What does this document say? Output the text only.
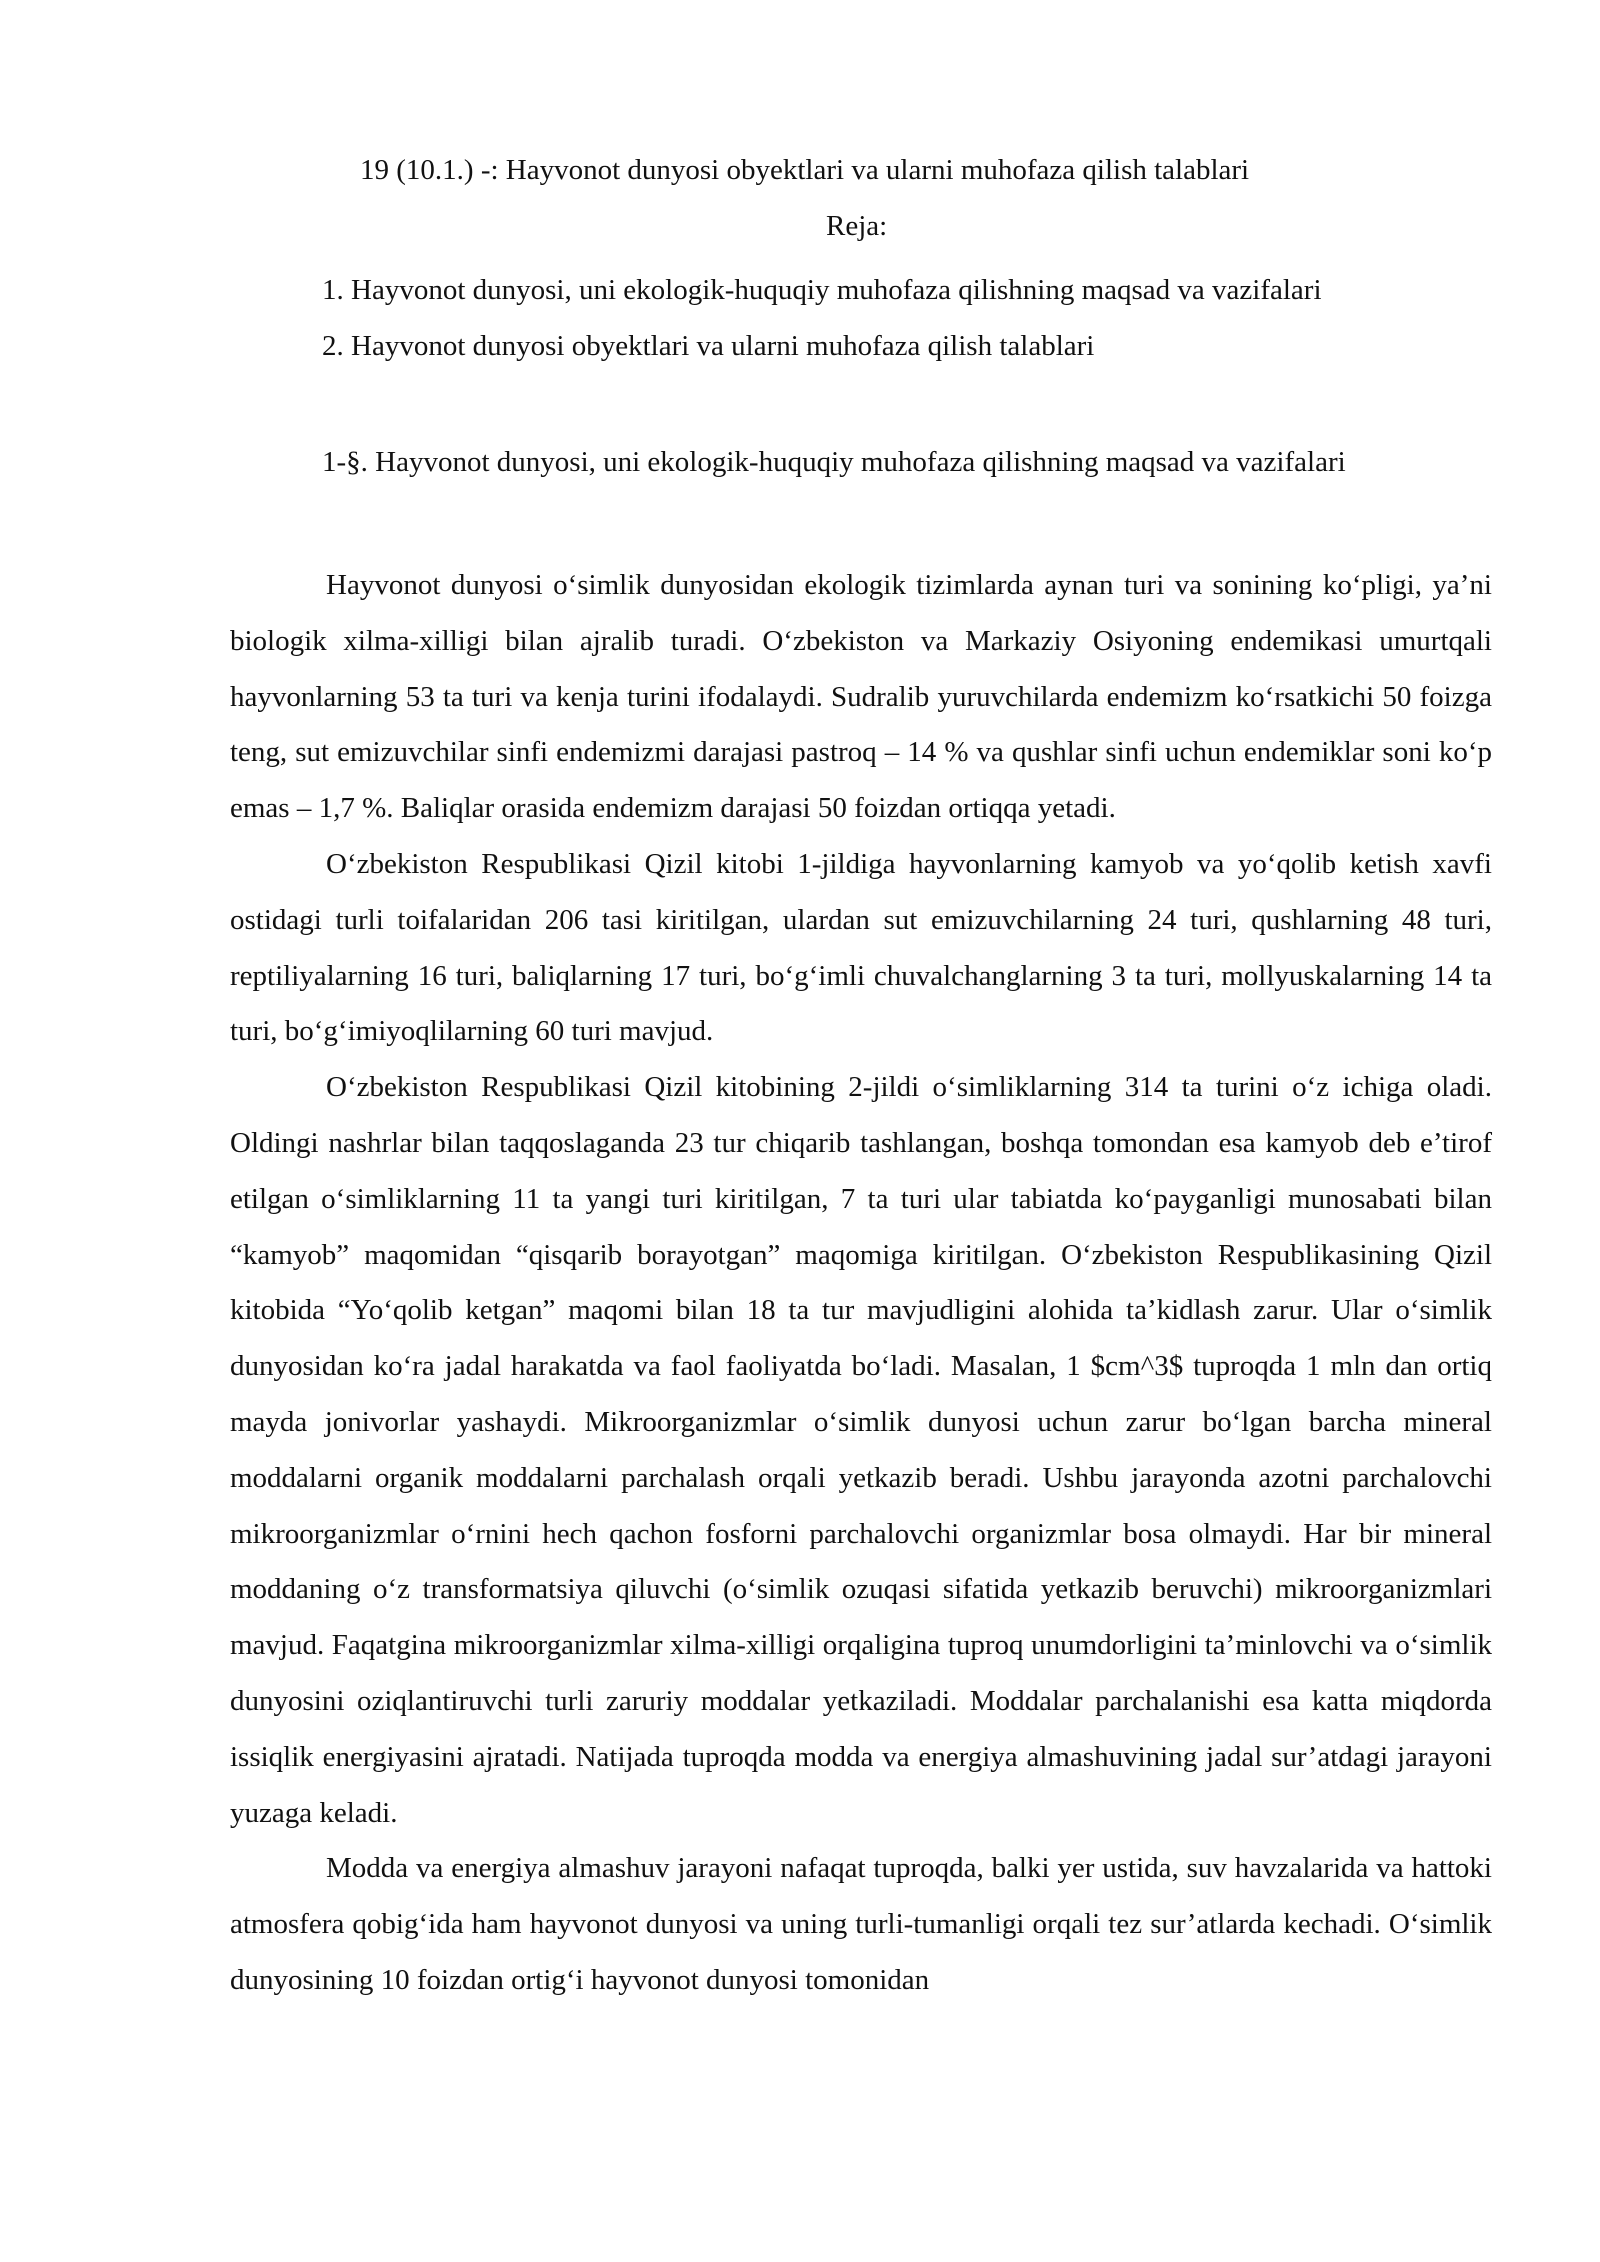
19 (10.1.) -: Hayvonot dunyosi obyektlari va ularni muhofaza qilish talablari
Reja:
1. Hayvonot dunyosi, uni ekologik-huquqiy muhofaza qilishning maqsad va vazifalari
2. Hayvonot dunyosi obyektlari va ularni muhofaza qilish talablari
1-§. Hayvonot dunyosi, uni ekologik-huquqiy muhofaza qilishning maqsad va vazifalari

Hayvonot dunyosi o‘simlik dunyosidan ekologik tizimlarda aynan turi va sonining ko‘pligi, ya’ni biologik xilma-xilligi bilan ajralib turadi. O‘zbekiston va Markaziy Osiyoning endemikasi umurtqali hayvonlarning 53 ta turi va kenja turini ifodalaydi. Sudralib yuruvchilarda endemizm ko‘rsatkichi 50 foizga teng, sut emizuvchilar sinfi endemizmi darajasi pastroq – 14 % va qushlar sinfi uchun endemiklar soni ko‘p emas – 1,7 %. Baliqlar orasida endemizm darajasi 50 foizdan ortiqqa yetadi.

O‘zbekiston Respublikasi Qizil kitobi 1-jildiga hayvonlarning kamyob va yo‘qolib ketish xavfi ostidagi turli toifalaridan 206 tasi kiritilgan, ulardan sut emizuvchilarning 24 turi, qushlarning 48 turi, reptiliyalarning 16 turi, baliqlarning 17 turi, bo‘g‘imli chuvalchanglarning 3 ta turi, mollyuskalarning 14 ta turi, bo‘g‘imiyoqlilarning 60 turi mavjud.

O‘zbekiston Respublikasi Qizil kitobining 2-jildi o‘simliklarning 314 ta turini o‘z ichiga oladi. Oldingi nashrlar bilan taqqoslaganda 23 tur chiqarib tashlangan, boshqa tomondan esa kamyob deb e’tirof etilgan o‘simliklarning 11 ta yangi turi kiritilgan, 7 ta turi ular tabiatda ko‘payganligi munosabati bilan “kamyob” maqomidan “qisqarib borayotgan” maqomiga kiritilgan. O‘zbekiston Respublikasining Qizil kitobida “Yo‘qolib ketgan” maqomi bilan 18 ta tur mavjudligini alohida ta’kidlash zarur. Ular o‘simlik dunyosidan ko‘ra jadal harakatda va faol faoliyatda bo‘ladi. Masalan, 1 $cm^3$ tuproqda 1 mln dan ortiq mayda jonivorlar yashaydi. Mikroorganizmlar o‘simlik dunyosi uchun zarur bo‘lgan barcha mineral moddalarni organik moddalarni parchalash orqali yetkazib beradi. Ushbu jarayonda azotni parchalovchi mikroorganizmlar o‘rnini hech qachon fosforni parchalovchi organizmlar bosa olmaydi. Har bir mineral moddaning o‘z transformatsiya qiluvchi (o‘simlik ozuqasi sifatida yetkazib beruvchi) mikroorganizmlari mavjud. Faqatgina mikroorganizmlar xilma-xilligi orqaligina tuproq unumdorligini ta’minlovchi va o‘simlik dunyosini oziqlantiruvchi turli zaruriy moddalar yetkaziladi. Moddalar parchalanishi esa katta miqdorda issiqlik energiyasini ajratadi. Natijada tuproqda modda va energiya almashuvining jadal sur’atdagi jarayoni yuzaga keladi.

Modda va energiya almashuv jarayoni nafaqat tuproqda, balki yer ustida, suv havzalarida va hattoki atmosfera qobig‘ida ham hayvonot dunyosi va uning turli-tumanligi orqali tez sur’atlarda kechadi. O‘simlik dunyosining 10 foizdan ortig‘i hayvonot dunyosi tomonidan
